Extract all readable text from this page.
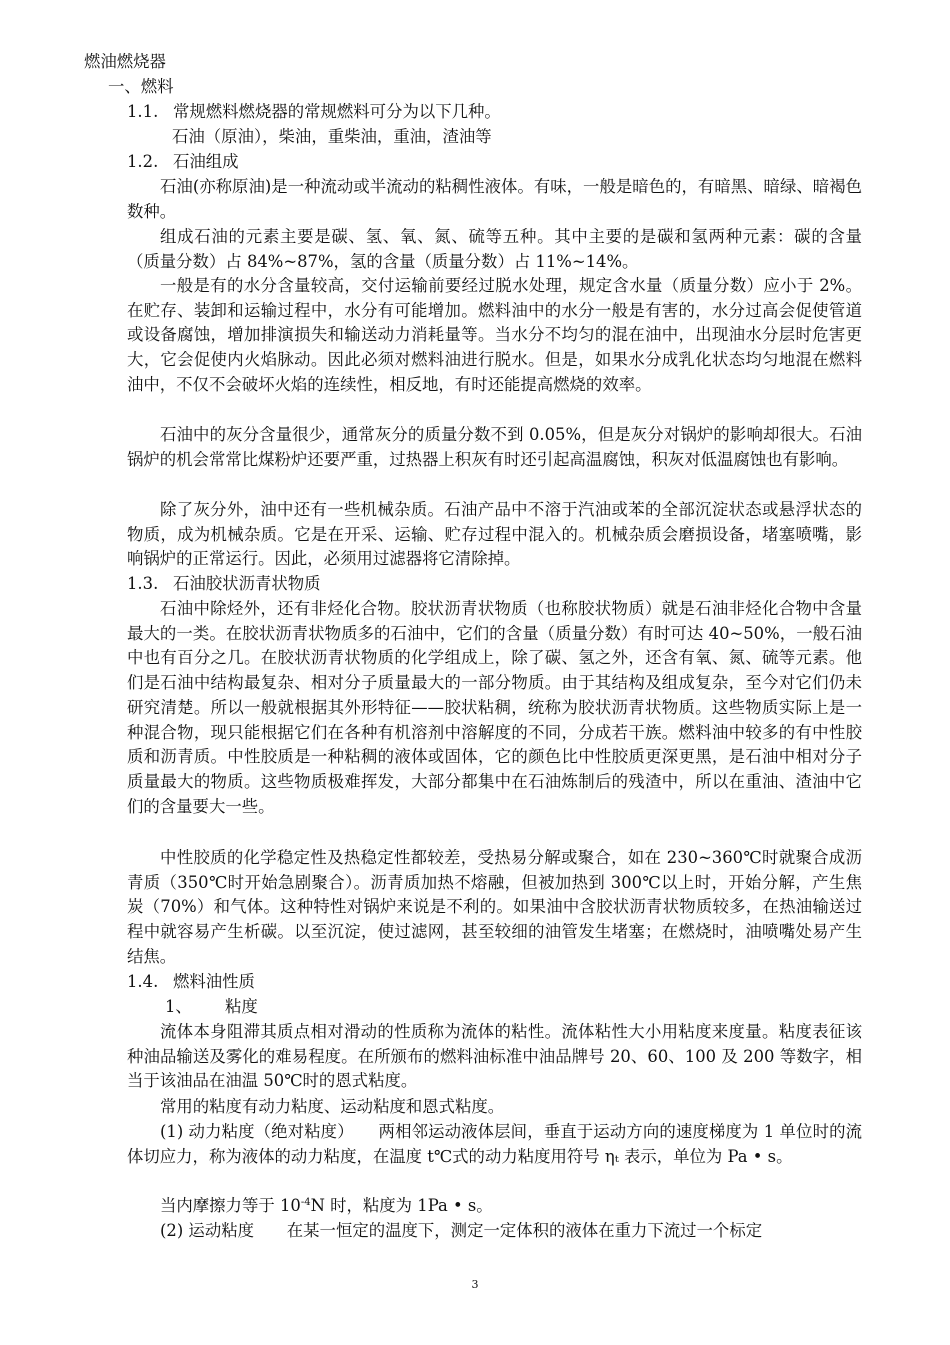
燃油燃烧器
一、燃料
1.1. 常规燃料燃烧器的常规燃料可分为以下几种。
石油（原油），柴油，重柴油，重油，渣油等
1.2. 石油组成

石油(亦称原油)是一种流动或半流动的粘稠性液体。有味，一般是暗色的，有暗黑、暗绿、暗褐色数种。

组成石油的元素主要是碳、氢、氧、氮、硫等五种。其中主要的是碳和氢两种元素：碳的含量（质量分数）占 84%~87%，氢的含量（质量分数）占 11%~14%。

一般是有的水分含量较高，交付运输前要经过脱水处理，规定含水量（质量分数）应小于 2%。在贮存、装卸和运输过程中，水分有可能增加。燃料油中的水分一般是有害的，水分过高会促使管道或设备腐蚀，增加排演损失和输送动力消耗量等。当水分不均匀的混在油中，出现油水分层时危害更大，它会促使内火焰脉动。因此必须对燃料油进行脱水。但是，如果水分成乳化状态均匀地混在燃料油中，不仅不会破坏火焰的连续性，相反地，有时还能提高燃烧的效率。

石油中的灰分含量很少，通常灰分的质量分数不到 0.05%，但是灰分对锅炉的影响却很大。石油锅炉的机会常常比煤粉炉还要严重，过热器上积灰有时还引起高温腐蚀，积灰对低温腐蚀也有影响。

除了灰分外，油中还有一些机械杂质。石油产品中不溶于汽油或苯的全部沉淀状态或悬浮状态的物质，成为机械杂质。它是在开采、运输、贮存过程中混入的。机械杂质会磨损设备，堵塞喷嘴，影响锅炉的正常运行。因此，必须用过滤器将它清除掉。

1.3. 石油胶状沥青状物质

石油中除烃外，还有非烃化合物。胶状沥青状物质（也称胶状物质）就是石油非烃化合物中含量最大的一类。在胶状沥青状物质多的石油中，它们的含量（质量分数）有时可达 40~50%，一般石油中也有百分之几。在胶状沥青状物质的化学组成上，除了碳、氢之外，还含有氧、氮、硫等元素。他们是石油中结构最复杂、相对分子质量最大的一部分物质。由于其结构及组成复杂，至今对它们仍未研究清楚。所以一般就根据其外形特征——胶状粘稠，统称为胶状沥青状物质。这些物质实际上是一种混合物，现只能根据它们在各种有机溶剂中溶解度的不同，分成若干族。燃料油中较多的有中性胶质和沥青质。中性胶质是一种粘稠的液体或固体，它的颜色比中性胶质更深更黑，是石油中相对分子质量最大的物质。这些物质极难挥发，大部分都集中在石油炼制后的残渣中，所以在重油、渣油中它们的含量要大一些。

中性胶质的化学稳定性及热稳定性都较差，受热易分解或聚合，如在 230~360℃时就聚合成沥青质（350℃时开始急剧聚合）。沥青质加热不熔融，但被加热到 300℃以上时，开始分解，产生焦炭（70%）和气体。这种特性对锅炉来说是不利的。如果油中含胶状沥青状物质较多，在热油输送过程中就容易产生析碳。以至沉淀，使过滤网，甚至较细的油管发生堵塞；在燃烧时，油喷嘴处易产生结焦。

1.4. 燃料油性质
1、 粘度

流体本身阻滞其质点相对滑动的性质称为流体的粘性。流体粘性大小用粘度来度量。粘度表征该种油品输送及雾化的难易程度。在所颁布的燃料油标准中油品牌号 20、60、100 及 200 等数字，相当于该油品在油温 50℃时的恩式粘度。

常用的粘度有动力粘度、运动粘度和恩式粘度。

(1) 动力粘度（绝对粘度）　　两相邻运动液体层间，垂直于运动方向的速度梯度为 1 单位时的流体切应力，称为液体的动力粘度，在温度 t℃式的动力粘度用符号 ηₜ 表示，单位为 Pa • s。

当内摩擦力等于 $10^{-4}N$ 时，粘度为 1Pa • s。

(2) 运动粘度　　在某一恒定的温度下，测定一定体积的液体在重力下流过一个标定

3
